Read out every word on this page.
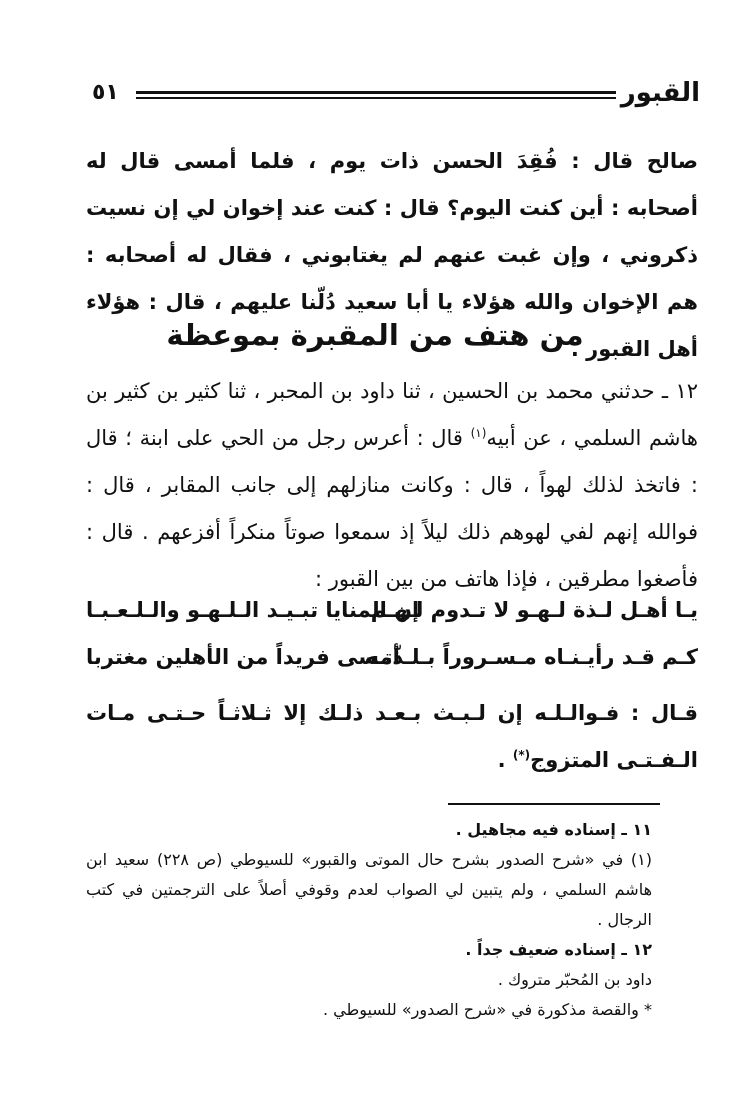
٥١	القبور

صالح قال : فُقِدَ الحسن ذات يوم ، فلما أمسى قال له أصحابه : أين كنت اليوم؟ قال : كنت عند إخوان لي إن نسيت ذكروني ، وإن غبت عنهم لم يغتابوني ، فقال له أصحابه : هم الإخوان والله هؤلاء يا أبا سعيد دُلّنا عليهم ، قال : هؤلاء أهل القبور .

من هتف من المقبرة بموعظة

١٢ ـ حدثني محمد بن الحسين ، ثنا داود بن المحبر ، ثنا كثير بن كثير بن هاشم السلمي ، عن أبيه$^{(١)}$ قال : أعرس رجل من الحي على ابنة ؛ قال : فاتخذ لذلك لهواً ، قال : وكانت منازلهم إلى جانب المقابر ، قال : فوالله إنهم لفي لهوهم ذلك ليلاً إذ سمعوا صوتاً منكراً أفزعهم . قال : فأصغوا مطرقين ، فإذا هاتف من بين القبور :

يـا أهـل لـذة لـهـو لا تـدوم لـهـم
إن المنايا تبـيـد الـلـهـو والـلـعـبـا
كـم قـد رأيـنـاه مـسـروراً بـلـذّتـه
أمسى فريداً من الأهلين مغتربا

قـال : فـوالـلـه إن لـبـث بـعـد ذلـك إلا ثـلاثـاً حـتـى مـات الـفـتـى المتزوج(*) .

١١ ـ إسناده فيه مجاهيل .

(١) في «شرح الصدور بشرح حال الموتى والقبور» للسيوطي (ص ٢٢٨) سعيد ابن هاشم السلمي ، ولم يتبين لي الصواب لعدم وقوفي أصلاً على الترجمتين في كتب الرجال .

١٢ ـ إسناده ضعيف جداً .

داود بن المُحبّر متروك .

* والقصة مذكورة في «شرح الصدور» للسيوطي .
